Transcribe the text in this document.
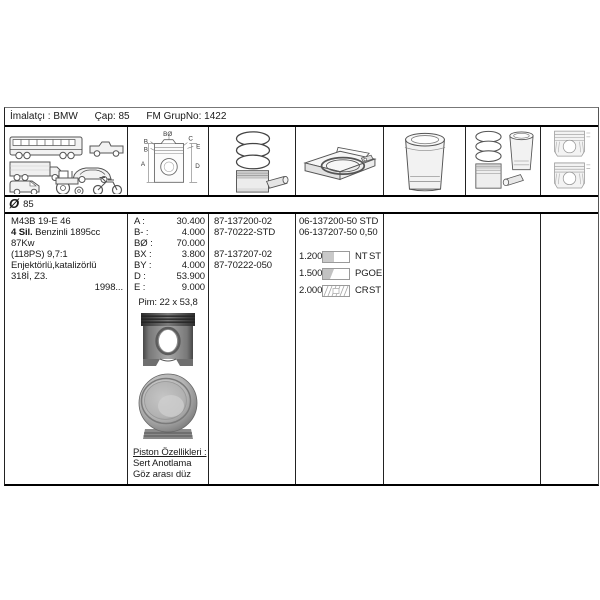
İmalatçı : BMW Çap: 85 FM GrupNo: 1422
A
B
B
BØ
C
E
D
Ø 85
M43B 19-E 46
4 Sil. Benzinli 1895cc 87Kw
(118PS) 9,7:1
Enjektörlü,katalizörlü
318İ, Z3.
1998...
A :	30.400
B- :	4.000
BØ :	70.000
BX :	3.800
BY :	4.000
D :	53.900
E :	9.000
Pim: 22 x 53,8
Piston Özellikleri :
Sert Anotlama
Göz arası düz
87-137200-02
87-70222-STD
87-137207-02
87-70222-050
06-137200-50 STD
06-137207-50 0,50
1.200	NT ST
1.500	P GOE
2.000	CR ST
